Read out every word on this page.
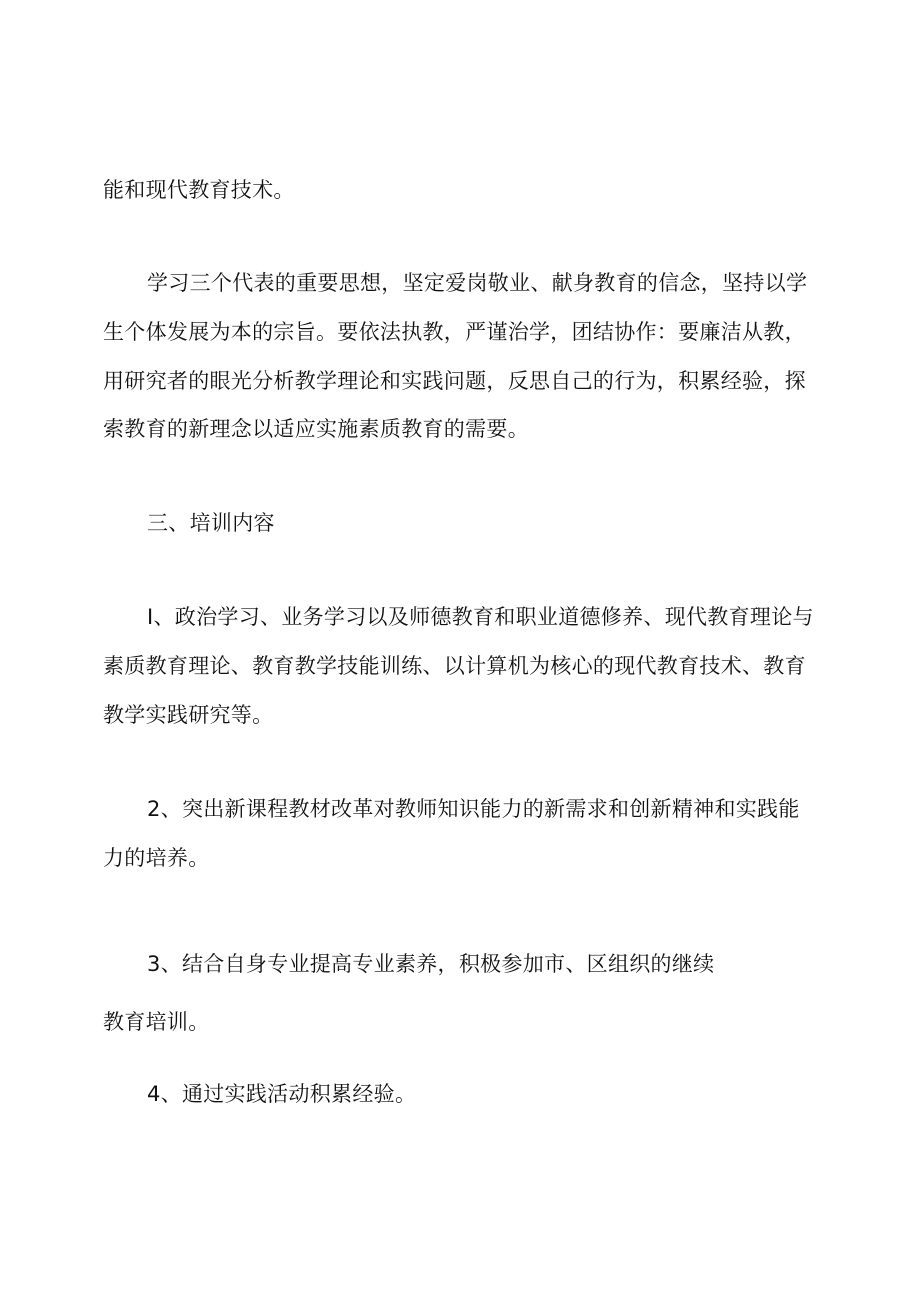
能和现代教育技术。
学习三个代表的重要思想，坚定爱岗敬业、献身教育的信念，坚持以学
生个体发展为本的宗旨。要依法执教，严谨治学，团结协作：要廉洁从教，
用研究者的眼光分析教学理论和实践问题，反思自己的行为，积累经验，探
索教育的新理念以适应实施素质教育的需要。
三、培训内容
I、政治学习、业务学习以及师德教育和职业道德修养、现代教育理论与
素质教育理论、教育教学技能训练、以计算机为核心的现代教育技术、教育
教学实践研究等。
2、突出新课程教材改革对教师知识能力的新需求和创新精神和实践能
力的培养。
3、结合自身专业提高专业素养，积极参加市、区组织的继续
教育培训。
4、通过实践活动积累经验。
